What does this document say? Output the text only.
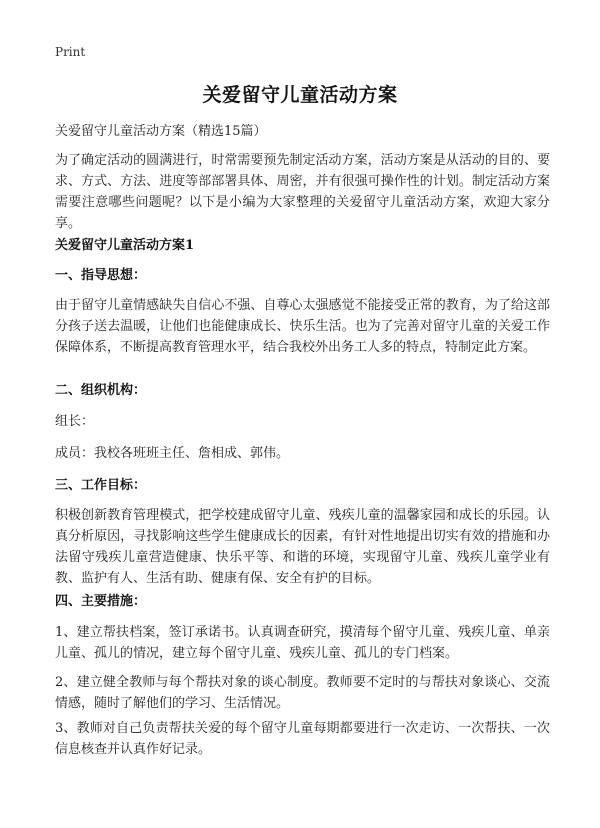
Print
关爱留守儿童活动方案
关爱留守儿童活动方案（精选15篇）
为了确定活动的圆满进行，时常需要预先制定活动方案，活动方案是从活动的目的、要求、方式、方法、进度等部部署具体、周密，并有很强可操作性的计划。制定活动方案需要注意哪些问题呢？以下是小编为大家整理的关爱留守儿童活动方案，欢迎大家分享。
关爱留守儿童活动方案1
一、指导思想：
由于留守儿童情感缺失自信心不强、自尊心太强感觉不能接受正常的教育，为了给这部分孩子送去温暖，让他们也能健康成长、快乐生活。也为了完善对留守儿童的关爱工作保障体系，不断提高教育管理水平，结合我校外出务工人多的特点，特制定此方案。
二、组织机构：
组长：
成员：我校各班班主任、詹相成、郭伟。
三、工作目标：
积极创新教育管理模式，把学校建成留守儿童、残疾儿童的温馨家园和成长的乐园。认真分析原因，寻找影响这些学生健康成长的因素，有针对性地提出切实有效的措施和办法留守残疾儿童营造健康、快乐平等、和谐的环境，实现留守儿童、残疾儿童学业有教、监护有人、生活有助、健康有保、安全有护的目标。
四、主要措施：
1、建立帮扶档案，签订承诺书。认真调查研究，摸清每个留守儿童、残疾儿童、单亲儿童、孤儿的情况，建立每个留守儿童、残疾儿童、孤儿的专门档案。
2、建立健全教师与每个帮扶对象的谈心制度。教师要不定时的与帮扶对象谈心、交流情感，随时了解他们的学习、生活情况。
3、教师对自己负责帮扶关爱的每个留守儿童每期都要进行一次走访、一次帮扶、一次信息核查并认真作好记录。
